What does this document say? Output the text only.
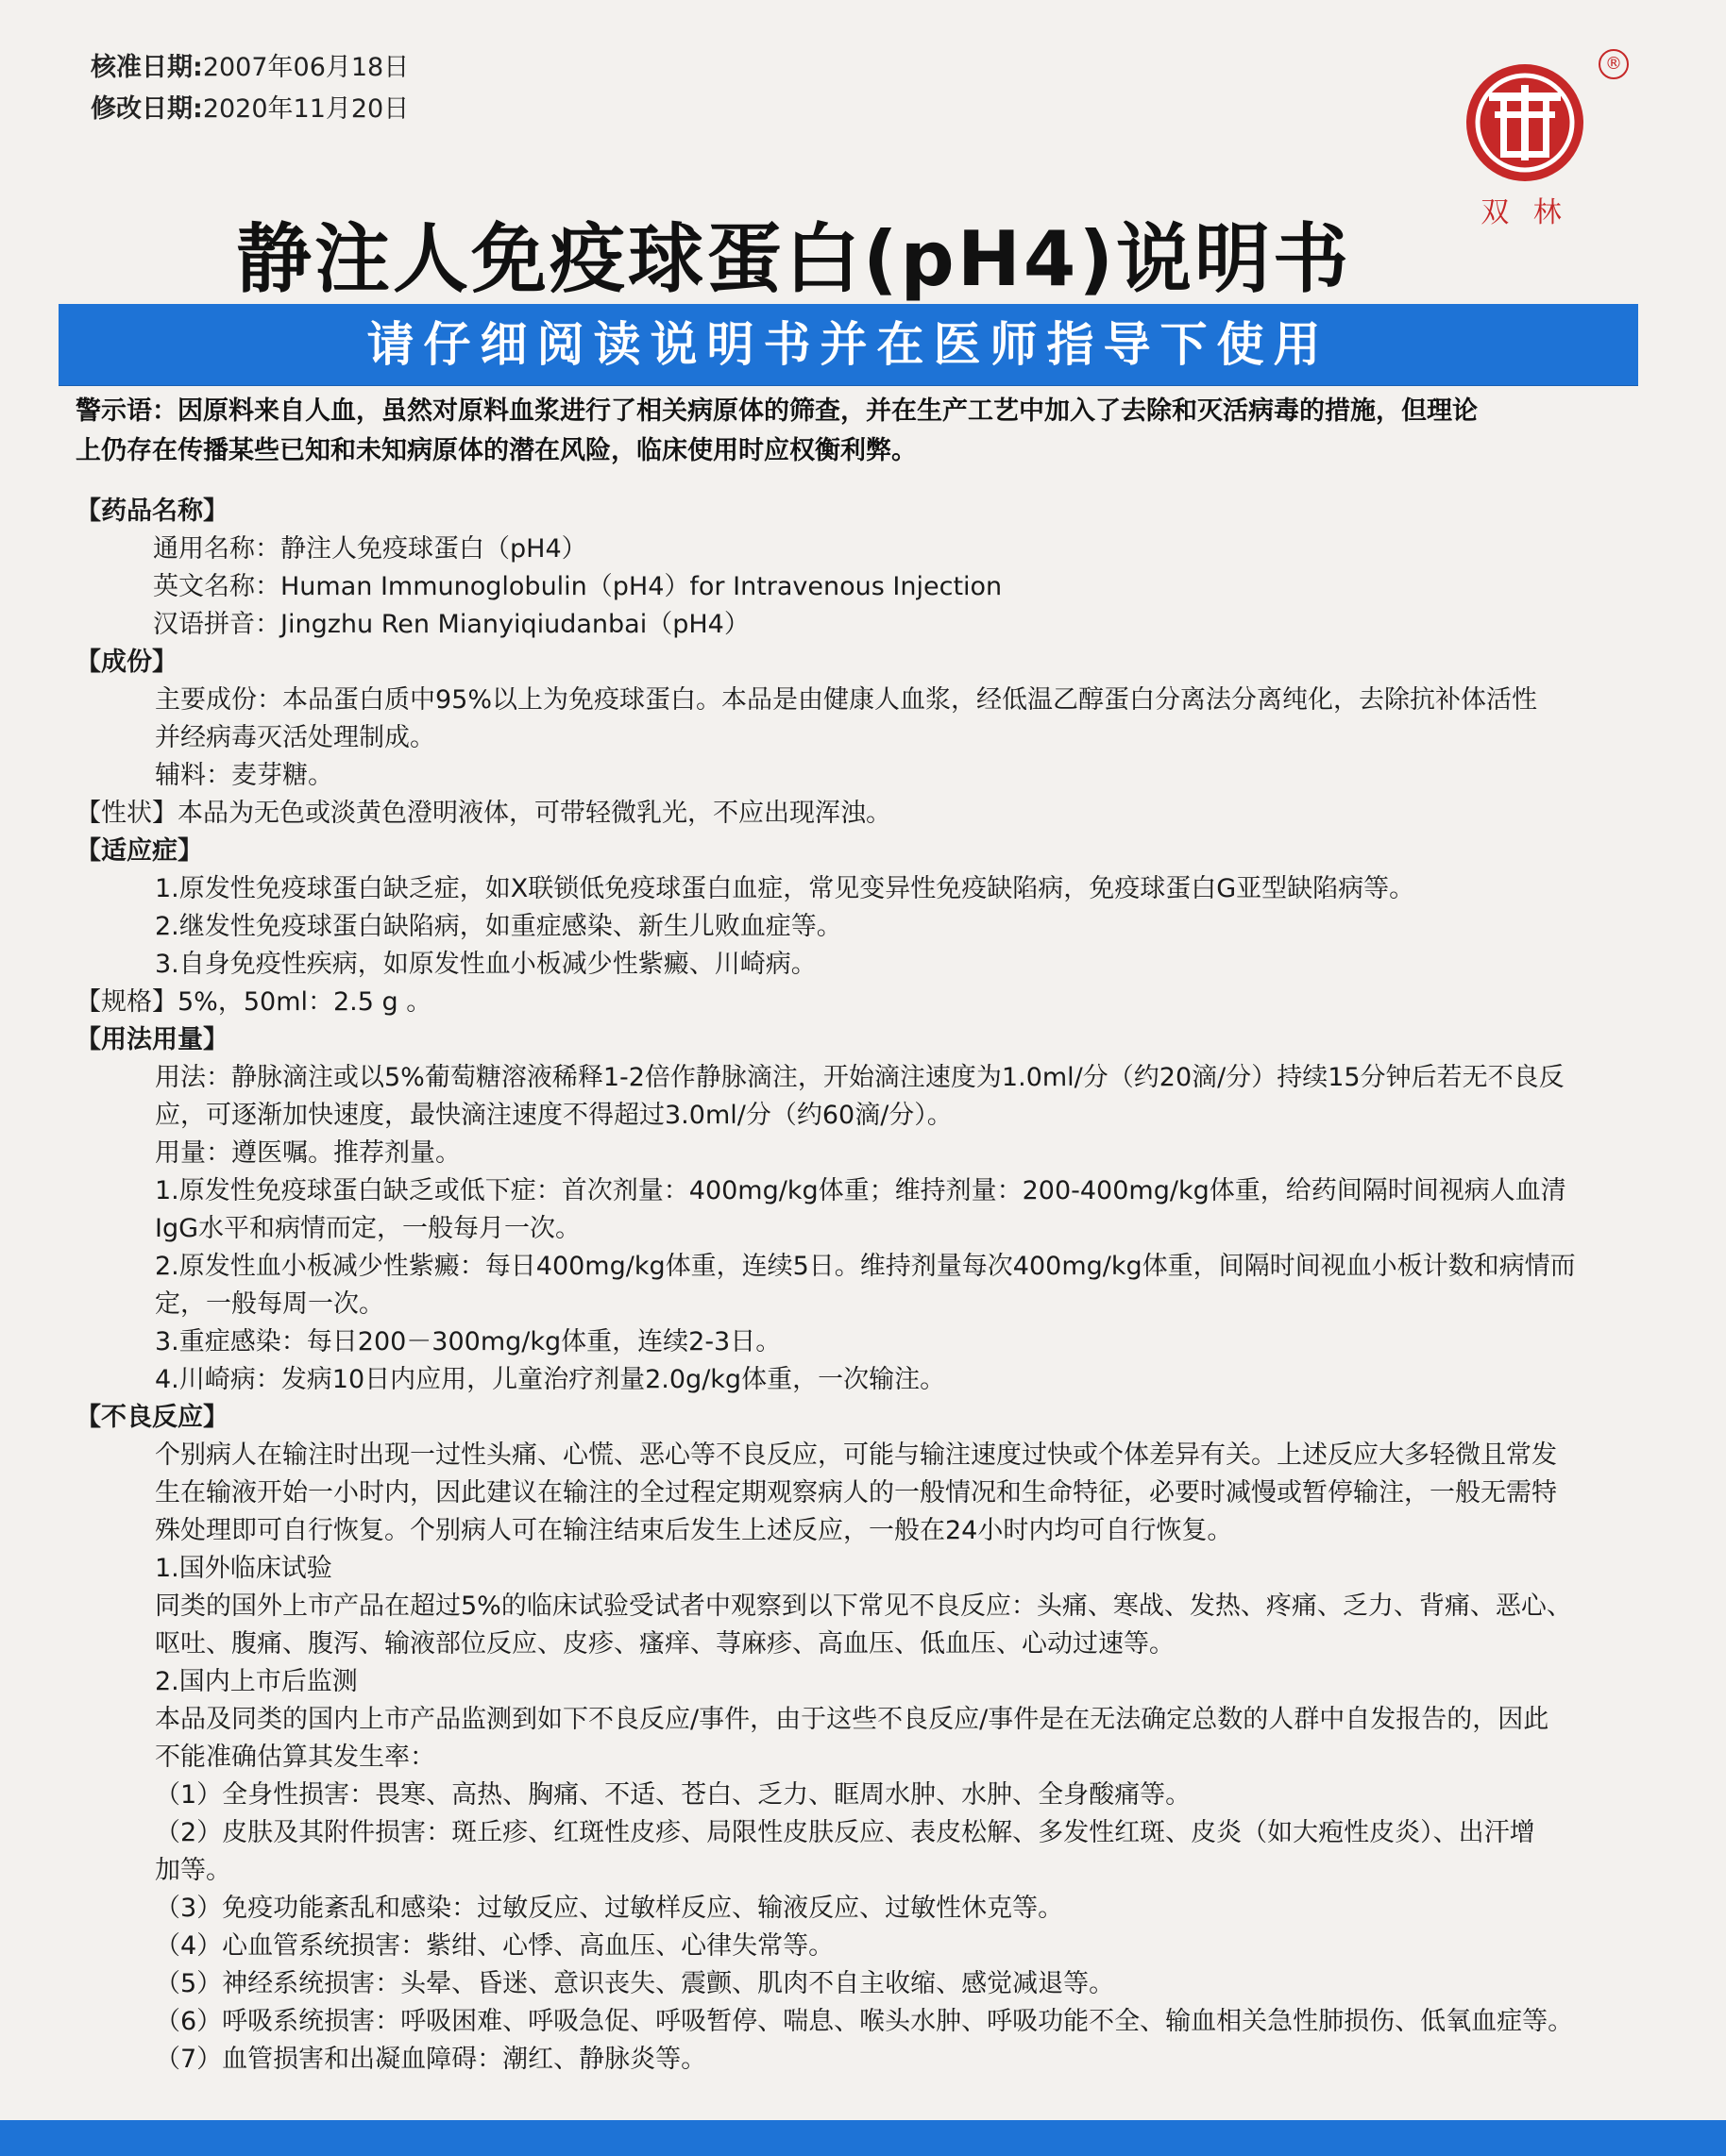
核准日期:2007年06月18日
修改日期:2020年11月20日
双 林
®
静注人免疫球蛋白(pH4)说明书
请仔细阅读说明书并在医师指导下使用
警示语：因原料来自人血，虽然对原料血浆进行了相关病原体的筛查，并在生产工艺中加入了去除和灭活病毒的措施，但理论
上仍存在传播某些已知和未知病原体的潜在风险，临床使用时应权衡利弊。
【药品名称】
通用名称：静注人免疫球蛋白（pH4）
英文名称：Human Immunoglobulin（pH4）for Intravenous Injection
汉语拼音：Jingzhu Ren Mianyiqiudanbai（pH4）
【成份】
主要成份：本品蛋白质中95%以上为免疫球蛋白。本品是由健康人血浆，经低温乙醇蛋白分离法分离纯化，去除抗补体活性
并经病毒灭活处理制成。
辅料：麦芽糖。
【性状】本品为无色或淡黄色澄明液体，可带轻微乳光，不应出现浑浊。
【适应症】
1.原发性免疫球蛋白缺乏症，如X联锁低免疫球蛋白血症，常见变异性免疫缺陷病，免疫球蛋白G亚型缺陷病等。
2.继发性免疫球蛋白缺陷病，如重症感染、新生儿败血症等。
3.自身免疫性疾病，如原发性血小板减少性紫癜、川崎病。
【规格】5%，50ml：2.5 g 。
【用法用量】
用法：静脉滴注或以5%葡萄糖溶液稀释1-2倍作静脉滴注，开始滴注速度为1.0ml/分（约20滴/分）持续15分钟后若无不良反
应，可逐渐加快速度，最快滴注速度不得超过3.0ml/分（约60滴/分）。
用量：遵医嘱。推荐剂量。
1.原发性免疫球蛋白缺乏或低下症：首次剂量：400mg/kg体重；维持剂量：200-400mg/kg体重，给药间隔时间视病人血清
IgG水平和病情而定，一般每月一次。
2.原发性血小板减少性紫癜：每日400mg/kg体重，连续5日。维持剂量每次400mg/kg体重，间隔时间视血小板计数和病情而
定，一般每周一次。
3.重症感染：每日200－300mg/kg体重，连续2-3日。
4.川崎病：发病10日内应用，儿童治疗剂量2.0g/kg体重，一次输注。
【不良反应】
个别病人在输注时出现一过性头痛、心慌、恶心等不良反应，可能与输注速度过快或个体差异有关。上述反应大多轻微且常发
生在输液开始一小时内，因此建议在输注的全过程定期观察病人的一般情况和生命特征，必要时减慢或暂停输注，一般无需特
殊处理即可自行恢复。个别病人可在输注结束后发生上述反应，一般在24小时内均可自行恢复。
1.国外临床试验
同类的国外上市产品在超过5%的临床试验受试者中观察到以下常见不良反应：头痛、寒战、发热、疼痛、乏力、背痛、恶心、
呕吐、腹痛、腹泻、输液部位反应、皮疹、瘙痒、荨麻疹、高血压、低血压、心动过速等。
2.国内上市后监测
本品及同类的国内上市产品监测到如下不良反应/事件，由于这些不良反应/事件是在无法确定总数的人群中自发报告的，因此
不能准确估算其发生率：
（1）全身性损害：畏寒、高热、胸痛、不适、苍白、乏力、眶周水肿、水肿、全身酸痛等。
（2）皮肤及其附件损害：斑丘疹、红斑性皮疹、局限性皮肤反应、表皮松解、多发性红斑、皮炎（如大疱性皮炎）、出汗增
加等。
（3）免疫功能紊乱和感染：过敏反应、过敏样反应、输液反应、过敏性休克等。
（4）心血管系统损害：紫绀、心悸、高血压、心律失常等。
（5）神经系统损害：头晕、昏迷、意识丧失、震颤、肌肉不自主收缩、感觉减退等。
（6）呼吸系统损害：呼吸困难、呼吸急促、呼吸暂停、喘息、喉头水肿、呼吸功能不全、输血相关急性肺损伤、低氧血症等。
（7）血管损害和出凝血障碍：潮红、静脉炎等。
